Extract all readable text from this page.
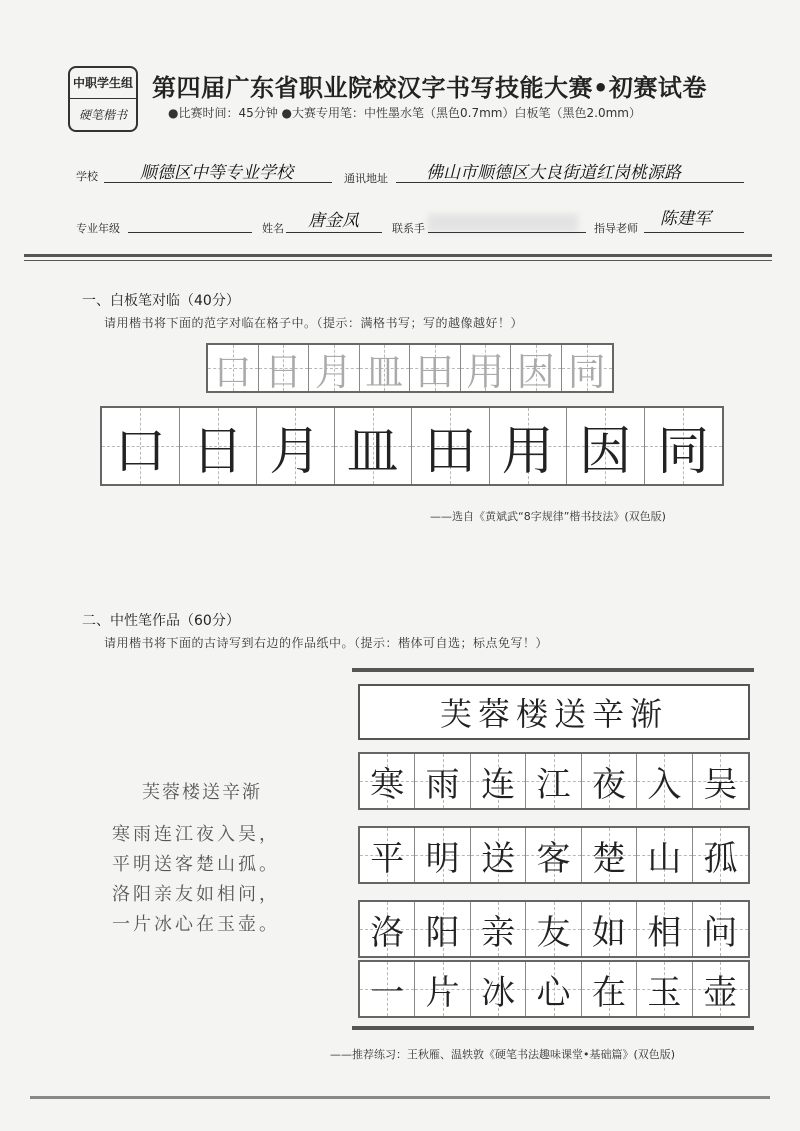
中职学生组
硬笔楷书
第四届广东省职业院校汉字书写技能大赛•初赛试卷
●比赛时间：45分钟 ●大赛专用笔：中性墨水笔（黑色0.7mm）白板笔（黑色2.0mm）
学校 顺德区中等专业学校	通讯地址 佛山市顺德区大良街道红岗桃源路
专业年级	姓名 唐金凤	联系手	指导老师 陈建军
一、白板笔对临（40分）
请用楷书将下面的范字对临在格子中。（提示：满格书写；写的越像越好！）
口 日 月 皿 田 用 因 同
口 日 月 皿 田 用 因 同
——选自《黄斌武“8字规律”楷书技法》(双色版)
二、中性笔作品（60分）
请用楷书将下面的古诗写到右边的作品纸中。（提示：楷体可自选；标点免写！）
芙蓉楼送辛渐
寒雨连江夜入吴，
平明送客楚山孤。
洛阳亲友如相问，
一片冰心在玉壶。
芙蓉楼送辛渐
寒 雨 连 江 夜 入 吴
平 明 送 客 楚 山 孤
洛 阳 亲 友 如 相 问
一 片 冰 心 在 玉 壶
——推荐练习：王秋雁、温轶敦《硬笔书法趣味课堂•基础篇》(双色版)
